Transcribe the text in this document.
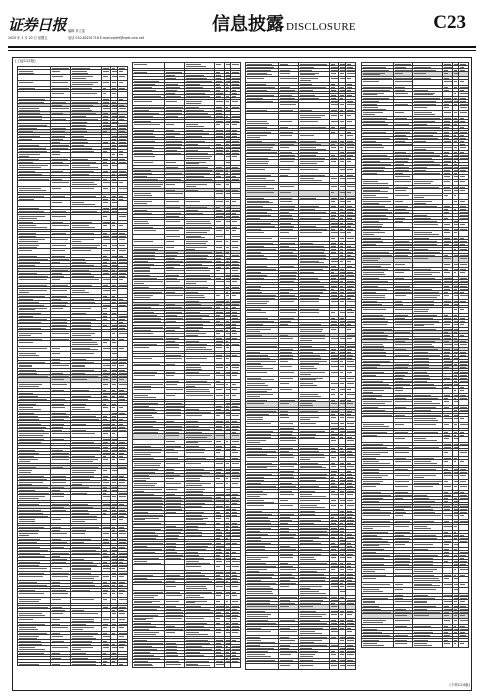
证券日报
2020 年 3 月 20 日 星期五
编辑 肖立雷
电话 010-83251716 E-mail:zqrb9@zqrb.sina.net
信息披露 DISCLOSURE	C23
(上接C22版)
(下转C24版)
